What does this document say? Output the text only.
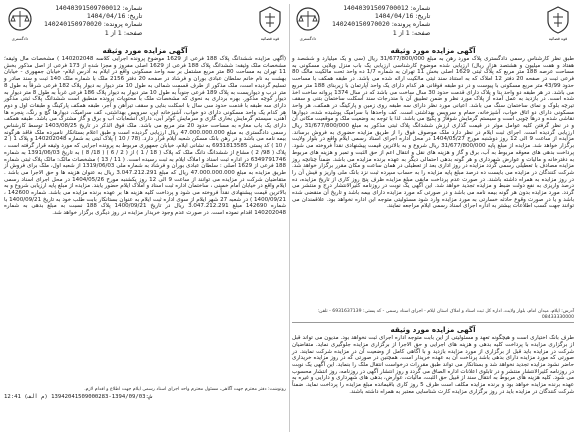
قوه قضائیه
دادگستری
شماره: 14040391509700012
تاریخ: 1404/04/16
شماره پرونده: 140240150970020
صفحه: 1 از 1
آگهی مزایده مورد وثیقه
طبق نظر کارشناس رسمی دادگستری پلاک مورد رهن به مبلغ 31/677/800/000 ریال (سی و یک میلیارد و ششصد و هفتاد و هفت میلیون و هشتصد هزار ریال) ارزیابی شده موضوع کارشناسی ارزیابی یک باب منزل ویلایی مسکونی به مساحت عرصه 188 متر مربع که پلاک ثبتی 1629 اصلی بخش 11 تهران به شماره 1/7 ده واحد تحت مالکیت مالک 80 فرعی ثبت در صفحه 20 دفتر 12 املاک که به استناد سند ثبتی مالکیت ارائه شده می باشد. در طبقه همکف با مساحت حدود 43/99 متر مربع مسکونی با پیوست و در دو طبقه فوقانی هر کدام دارای یک واحد آپارتمان با زیربنای 188 متر مربع می باشد. در هر طبقه دو واحد بنا و پلاک دارای قدمت حدود 30 سال ساخت می باشد که در سال 1374 پروانه ساخت اخذ شده است. در بازدید به عمل آمده از پلاک مورد نظر و ضمن تطبیق آن با مندرجات سند اسکلت ساختمان بتنی و سقف تیرچه بلوک و نمای ساختمان سنگ می باشد. اعیانی مورد نظر دارای سه طبقه روی زمین و پارکینگ در همکف، هر واحد مسکونی دارای دو اتاق خواب، آشپزخانه، حمام و سرویس بهداشتی است. کف واحدها با سرامیک پوشیده شده، دیوارها نقاشی شده و درها چوبی است و سیستم گرمایش شوفاژ و پکیج می باشد. لذا با توجه به وضعیت ملک و موقعیت مکانی آن و در نظر گرفتن کلیه عوامل موثر در قیمت گذاری ارزش ششدانگ پلاک ثبتی مذکور به مبلغ 31/677/800/000 ریال ارزیابی گردیده است. اجرای ثبت ایلام در نظر دارد ملک موصوف فوق را از طریق مزایده حضوری به فروش برساند. مزایده از ساعت 9 الی 12 روز دوشنبه مورخ 1404/05/27 در محل اداره اجرای اسناد رسمی ایلام واقع در بلوار ولایت برگزار خواهد شد. مزایده از مبلغ پایه 31/677/800/000 ریال شروع و به بالاترین قیمت پیشنهادی نقداً فروخته می شود. پرداخت بدهی های معوقه مربوط به آب، برق و گاز و هزینه های نقل و انتقال اعم از حق الثبت و تمبر و هزینه های مربوط به دفترخانه و مالیات و عوارض شهرداری و هر گونه بدهی احتمالی دیگر به عهده برنده مزایده می باشد. ضمناً چنانچه روز مزایده مصادف با تعطیلی رسمی گردد مزایده در روز اداری بعد از تعطیلی در همان ساعت و مکان مقرر برگزار خواهد شد. شرکت کنندگان در مزایده می بایست ده درصد مبلغ پایه مزایده را به حساب سپرده ثبت نزد بانک ملی واریز و فیش آن را در روز مزایده به همراه داشته باشند. در صورت عدم پرداخت مابقی مبلغ مزایده ظرف پنج روز کاری از تاریخ مزایده، ده درصد واریزی به نفع دولت ضبط و مزایده تجدید خواهد شد. این آگهی یک نوبت در روزنامه کثیرالانتشار درج و منتشر می گردد. مورد مزایده بدون هر گونه بیمه نامه می باشد و در صورتی که مورد مزایده دارای بیمه باشد و تاریخ آن منقضی شده باشد و یا در صورت وقوع حادثه خسارتی به مورد مزایده وارد شود مسئولیتی متوجه این اداره نخواهد بود. علاقمندان می توانند جهت کسب اطلاعات بیشتر به اداره اجرای اسناد رسمی ایلام مراجعه نمایند.
آدرس: ایلام، میدان امام، بلوار ولایت، اداره کل ثبت اسناد و املاک استان ایلام - اجرای اسناد رسمی - کد پستی: 6931637139 - تلفن: 08433330000
آگهی مزایده مورد وثیقه
طرف بانک اختیاری است و هیچگونه تعهد و مسئولیتی از این بابت متوجه اداره اجرای ثبت نخواهد بود. مدیون می تواند قبل از برگزاری مزایده با پرداخت کلیه بدهی و هزینه های اجرایی و حق الاجرا از برگزاری مزایده جلوگیری نماید. متقاضیان شرکت در مزایده باید قبل از برگزاری از مورد مزایده بازدید و با آگاهی کامل از وضعیت آن در مزایده شرکت نمایند. در صورتی که مورد مزایده دارای بدهی باشد پرداخت آن به عهده خریدار است. همچنین در صورتی که در روز مزایده خریداری حاضر نشود مزایده تجدید نخواهد شد و بستانکار می تواند طبق مقررات درخواست انتقال ملک را بنماید. این آگهی یک نوبت در روزنامه کثیرالانتشار منتشر و در تابلوی اعلانات اداره الصاق می گردد و روز انتشار آگهی در روزنامه، روز انتشار محسوب می شود. کلیه هزینه های مربوط به انتقال سند از قبیل حق الثبت، مالیات، عوارض، بدهی های شهرداری و دارایی و غیره به عهده برنده مزایده خواهد بود و برنده مزایده مکلف است ظرف 5 روز کاری باقیمانده مبلغ مزایده را پرداخت نماید. ضمناً شرکت کنندگان در مزایده باید در روز برگزاری مزایده کارت شناسایی معتبر به همراه داشته باشند.
قوه قضائیه
دادگستری
شماره: 14040391509700012
تاریخ: 1404/04/16
شماره پرونده: 140240150970020
صفحه: 1 از 1
آگهی مزایده مورد وثیقه
(آگهی مزایده ششدانگ پلاک 188 فرعی از 1629 موضوع پرونده اجرایی کلاسه 140202048 ) مشخصات مال وثیقه؛ مشخصات ملک وثیقه: ششدانگ پلاک 188 فرعی از 1629 اصلی مفروز و مجزا شده از 173 فرعی از اصل مذکور بخش 11 تهران به مساحت 80 متر مربع مشتمل بر سه واحد مسکونی واقع در ایلام به آدرس ایلام- خیابان جمهوری - خیابان بهشت به نام خانم سلطان عبادی بوران و فرشاد در صفحه 20 دفتر 2156 ملک با شماره ملک 140 ثبت و سند صادر و تسلیم گردیده است، ملک مذکور از طرف قسمت شمالی به طول 10 متر دیوار به دیوار پلاک 182 فرعی شرقاً به طول 8 متر درب و دیواریست به پلاک 189 فرعی جنوباً به طول 10 متر دیوار به دیوار پلاک 186 فرعی غرباً به طول 8 متر دیوار به دیوار کوچه مذکور. بهره برداری به نحوی که مشخصات ملک با محتویات پرونده منطبق است ششدانگ پلاک ثبتی مذکور دارای سه طبقه با قدمت حدود سی سال با اسکلت بنایی و سقف تیرآهن و آجر، طبقه همکف پارکینگ و طبقات اول و دوم هر کدام یک واحد مسکونی دارای دو خواب، آشپزخانه اپن، سرویس بهداشتی، کف سرامیک، دیوارها گچ و رنگ، پنجره ها آهنی، سیستم گرمایش بخاری گازی و سرمایش کولر آبی، دارای انشعابات آب و برق و گاز مشترک می باشد. طبقه همکف دارای یک باب مغازه به مساحت حدود 20 متر مربع می باشد. ملک فوق الذکر در تاریخ 1403/08/25 توسط کارشناس رسمی دادگستری به مبلغ 47.000.000.000 ریال ارزیابی گردیده است و طبق اعلام بستانکار نامبرده ملک فاقد هرگونه بیمه نامه می باشد و در رهن بانک مسکن شعبه ایلام قرار دارد. (78 / 10 ) پلاک ثبتی به شماره 140202048 و پلاک 1 ( 2 / 10 ) کد پستی 6931813585 به نشانی ایلام، خیابان جمهوری مربوط به پرونده اجرایی که مورد وثیقه قرار گرفته است ، پلاک ( 98/ 2 ) مشاع از ششدانگ دانگ ملک که پلاک ( 18 / 1 ) از ( 2 / 6 ) ( 18/ 8 ) به تاریخ 1391/06/03 به شماره 6349791746 در اداره ثبت اسناد و املاک ایلام به ثبت رسیده است. ( 11 / 13 ) مشخصات مالک: مالک پلاک ثبتی شماره 188 فرعی از 1629 اصلی : سلطان عبادی بوران و فرشاد به شماره ملی 1319/06/03 از شعبه اول، ملک برای فروش از طریق مزایده به مبلغ 47.000.000.000 ریال که مبلغ 3.047.212.291 ریال به عنوان هزینه ها و حق الاجرا می باشد . متقاضیان شرکت در مزایده می توانند از ساعت 9 الی 12 روز یکشنبه مورخ 1404/05/26 در محل اجرای اسناد رسمی ایلام واقع در خیابان امام خمینی ، ساختمان اداره ثبت اسناد و املاک ایلام حضور یابند. مزایده از مبلغ پایه ارزیابی شروع و به بالاترین قیمت پیشنهادی نقداً فروخته می شود و پرداخت کلیه هزینه ها بر عهده برنده مزایده می باشد. شماره 142600 ، 1400/09/21 ) در شعبه 27 شهر ایلام از سوی اداره ثبت ایلام به عنوان بستانکار بابت طلب خود به تاریخ 1400/09/21 با شماره 142690 مبلغ 3.047.212.291 ریال در تاریخ 1400/09/21 پلاک 188 نسبت به مبلغ بدهی به شماره 140202048 اقدام نموده است. در صورت عدم وجود خریدار مزایده در روز دیگری برگزار خواهد شد.
رونوشت: دفتر محترم جهت آگاهی، مسئول محترم واحد اجرای اسناد رسمی ایلام جهت اطلاع و اقدام لازم.
ش:1394/09/03-13942041509000283 (م الف) 12:41
